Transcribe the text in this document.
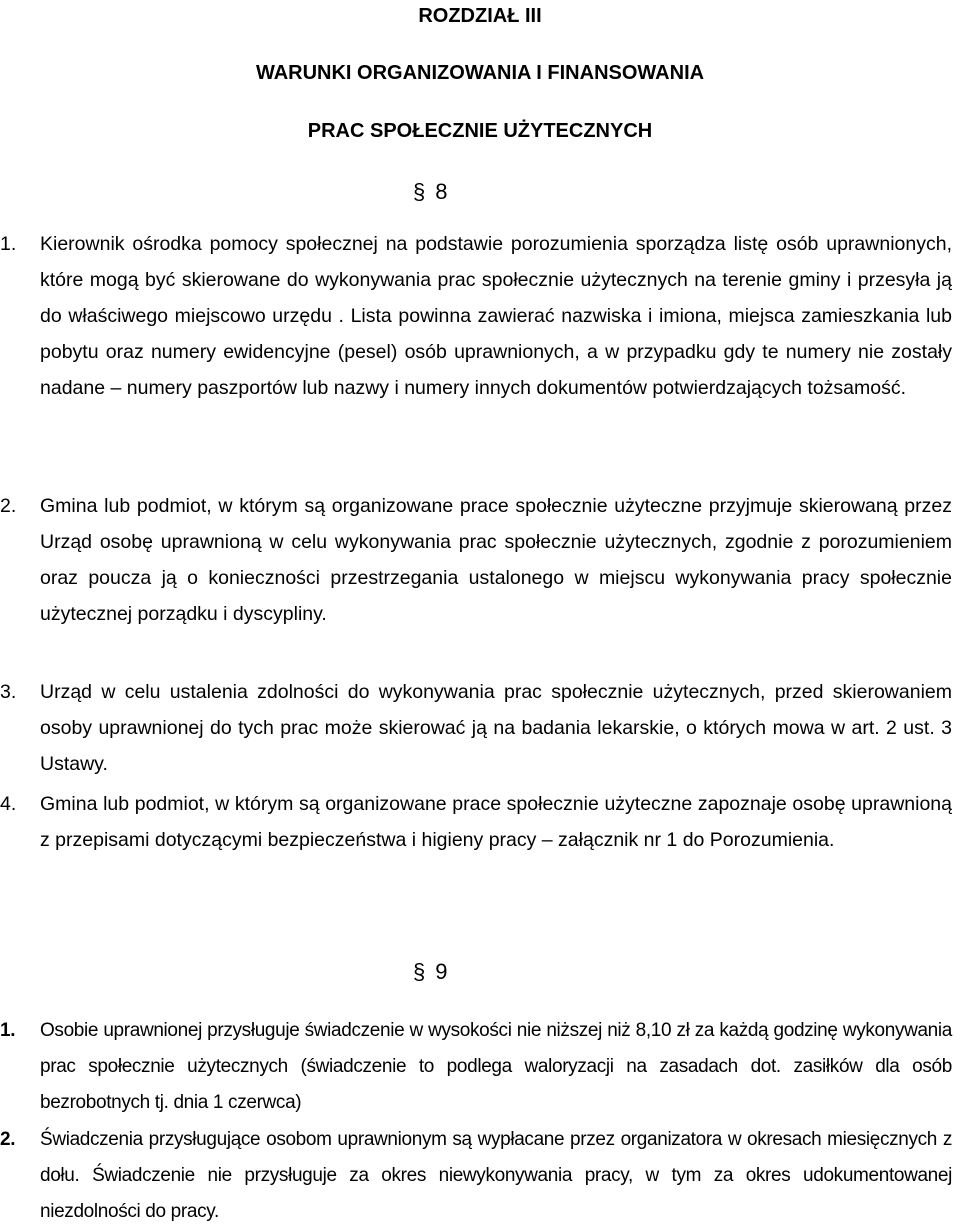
ROZDZIAŁ III
WARUNKI ORGANIZOWANIA I FINANSOWANIA
PRAC SPOŁECZNIE UŻYTECZNYCH
§ 8
1. Kierownik ośrodka pomocy społecznej na podstawie porozumienia sporządza listę osób uprawnionych, które mogą być skierowane do wykonywania prac społecznie użytecznych na terenie gminy i przesyła ją do właściwego miejscowo urzędu . Lista powinna zawierać nazwiska i imiona, miejsca zamieszkania lub pobytu oraz numery ewidencyjne (pesel) osób uprawnionych, a w przypadku gdy te numery nie zostały nadane – numery paszportów lub nazwy i numery innych dokumentów potwierdzających tożsamość.
2. Gmina lub podmiot, w którym są organizowane prace społecznie użyteczne przyjmuje skierowaną przez Urząd osobę uprawnioną w celu wykonywania prac społecznie użytecznych, zgodnie z porozumieniem oraz poucza ją o konieczności przestrzegania ustalonego w miejscu wykonywania pracy społecznie użytecznej porządku i dyscypliny.
3. Urząd w celu ustalenia zdolności do wykonywania prac społecznie użytecznych, przed skierowaniem osoby uprawnionej do tych prac może skierować ją na badania lekarskie, o których mowa w art. 2 ust. 3 Ustawy.
4. Gmina lub podmiot, w którym są organizowane prace społecznie użyteczne zapoznaje osobę uprawnioną z przepisami dotyczącymi bezpieczeństwa i higieny pracy – załącznik nr 1 do Porozumienia.
§ 9
1. Osobie uprawnionej przysługuje świadczenie w wysokości nie niższej niż 8,10 zł za każdą godzinę wykonywania prac społecznie użytecznych (świadczenie to podlega waloryzacji na zasadach dot. zasiłków dla osób bezrobotnych tj. dnia 1 czerwca)
2. Świadczenia przysługujące osobom uprawnionym są wypłacane przez organizatora w okresach miesięcznych z dołu. Świadczenie nie przysługuje za okres niewykonywania pracy, w tym za okres udokumentowanej niezdolności do pracy.
